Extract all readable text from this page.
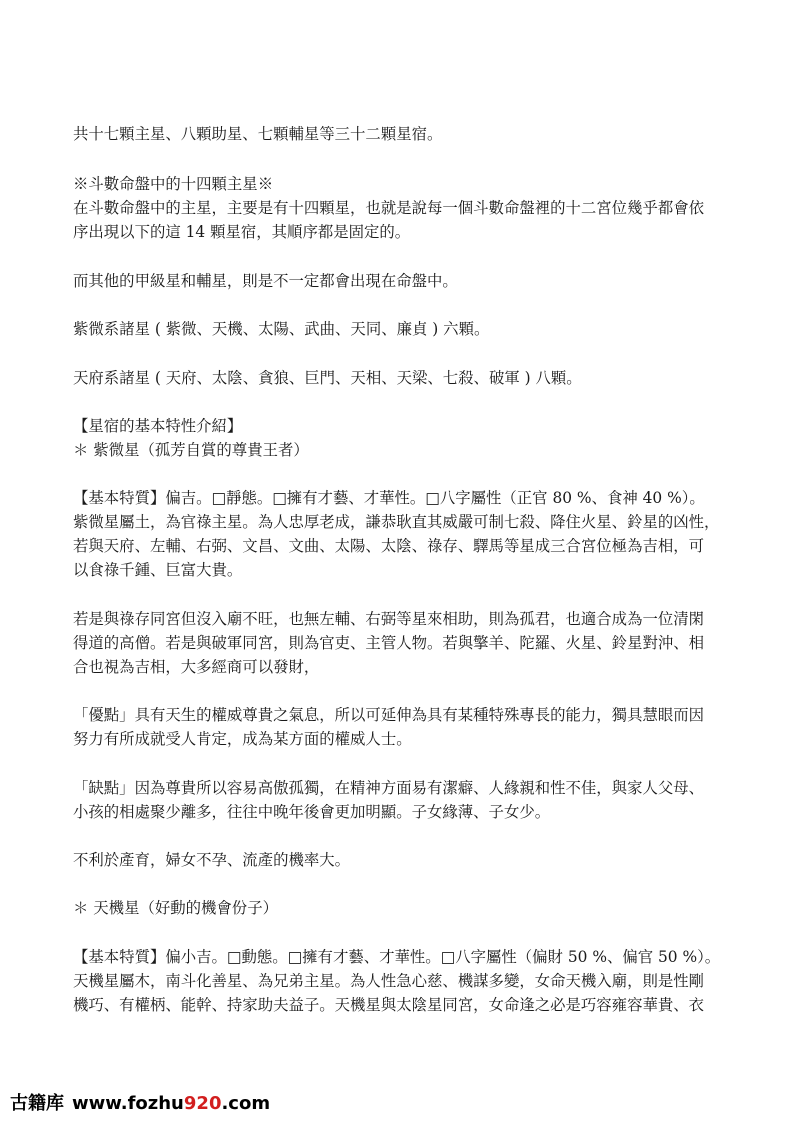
共十七顆主星、八顆助星、七顆輔星等三十二顆星宿。

※斗數命盤中的十四顆主星※

在斗數命盤中的主星，主要是有十四顆星，也就是說每一個斗數命盤裡的十二宮位幾乎都會依

序出現以下的這 14 顆星宿，其順序都是固定的。

而其他的甲級星和輔星，則是不一定都會出現在命盤中。

紫微系諸星 ( 紫微、天機、太陽、武曲、天同、廉貞 ) 六顆。

天府系諸星 ( 天府、太陰、貪狼、巨門、天相、天梁、七殺、破軍 ) 八顆。

【星宿的基本特性介紹】

＊ 紫微星（孤芳自賞的尊貴王者）

【基本特質】偏吉。□靜態。□擁有才藝、才華性。□八字屬性（正官 80 %、食神 40 %）。

紫微星屬土，為官祿主星。為人忠厚老成，謙恭耿直其威嚴可制七殺、降住火星、鈴星的凶性，

若與天府、左輔、右弼、文昌、文曲、太陽、太陰、祿存、驛馬等星成三合宮位極為吉相，可

以食祿千鍾、巨富大貴。

若是與祿存同宮但沒入廟不旺，也無左輔、右弼等星來相助，則為孤君，也適合成為一位清閑

得道的高僧。若是與破軍同宮，則為官吏、主管人物。若與擎羊、陀羅、火星、鈴星對沖、相

合也視為吉相，大多經商可以發財，

「優點」具有天生的權威尊貴之氣息，所以可延伸為具有某種特殊專長的能力，獨具慧眼而因

努力有所成就受人肯定，成為某方面的權威人士。

「缺點」因為尊貴所以容易高傲孤獨，在精神方面易有潔癖、人緣親和性不佳，與家人父母、

小孩的相處聚少離多，往往中晚年後會更加明顯。子女緣薄、子女少。

不利於產育，婦女不孕、流產的機率大。

＊ 天機星（好動的機會份子）

【基本特質】偏小吉。□動態。□擁有才藝、才華性。□八字屬性（偏財 50 %、偏官 50 %）。

天機星屬木，南斗化善星、為兄弟主星。為人性急心慈、機謀多變，女命天機入廟，則是性剛

機巧、有權柄、能幹、持家助夫益子。天機星與太陰星同宮，女命逢之必是巧容雍容華貴、衣

古籍库 www.fozhu920.com
